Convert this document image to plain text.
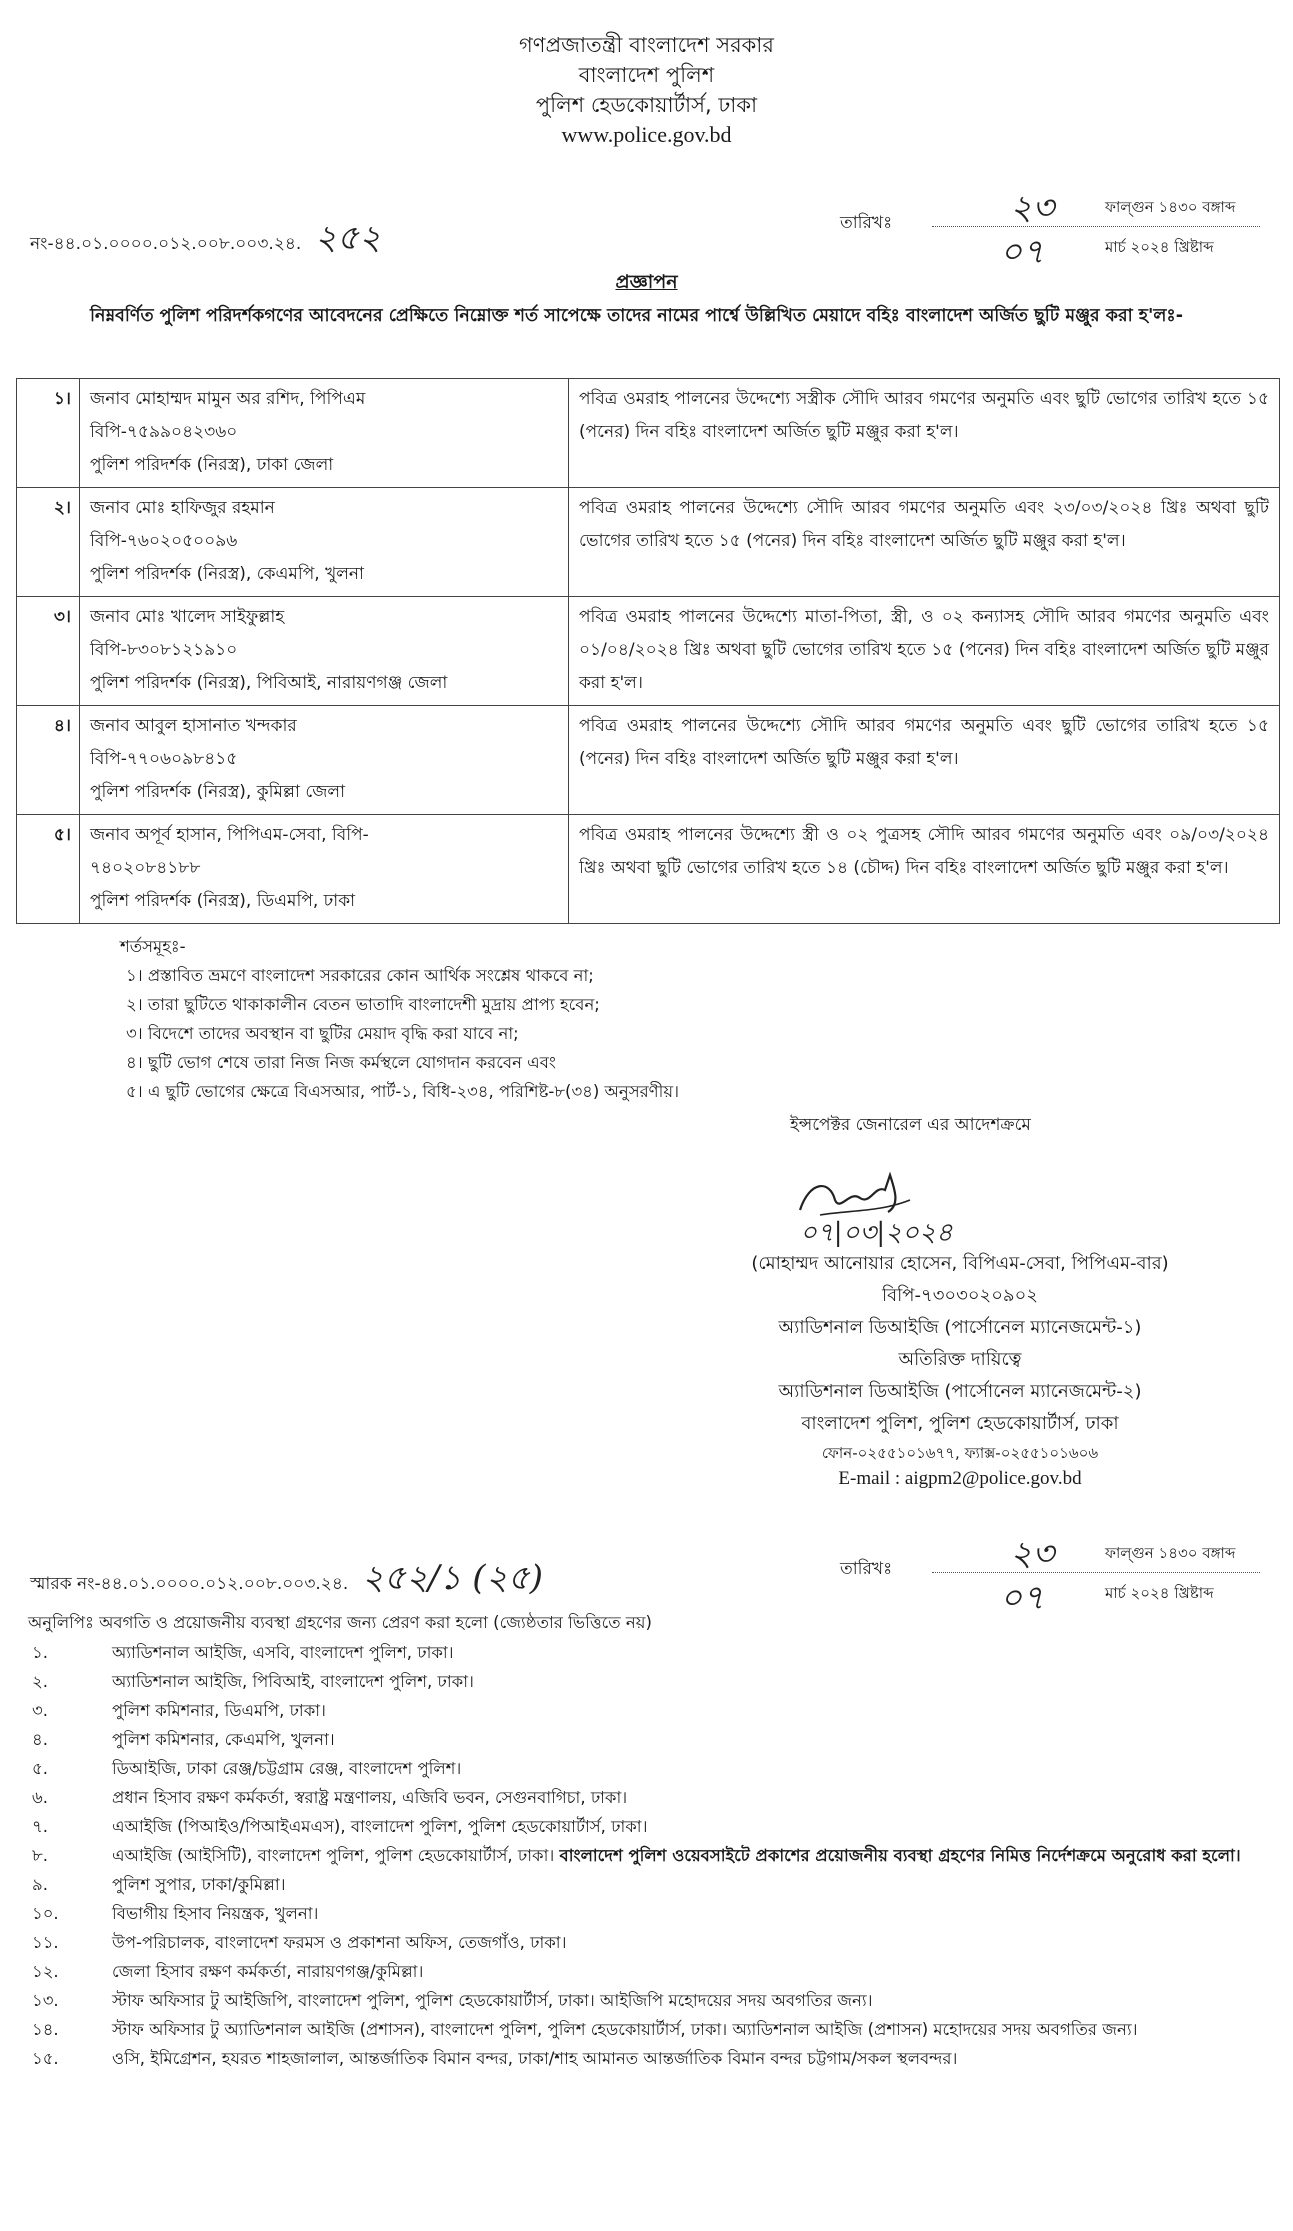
গণপ্রজাতন্ত্রী বাংলাদেশ সরকার
বাংলাদেশ পুলিশ
পুলিশ হেডকোয়ার্টার্স, ঢাকা
www.police.gov.bd
নং-৪৪.০১.০০০০.০১২.০০৮.০০৩.২৪. ২৫২	তারিখঃ	২৩	ফাল্গুন ১৪৩০ বঙ্গাব্দ
০৭	মার্চ ২০২৪ খ্রিষ্টাব্দ
প্রজ্ঞাপন
নিম্নবর্ণিত পুলিশ পরিদর্শকগণের আবেদনের প্রেক্ষিতে নিম্নোক্ত শর্ত সাপেক্ষে তাদের নামের পার্শ্বে উল্লিখিত মেয়াদে বহিঃ বাংলাদেশ অর্জিত ছুটি মঞ্জুর করা হ'লঃ-
১।	জনাব মোহাম্মদ মামুন অর রশিদ, পিপিএম
বিপি-৭৫৯৯০৪২৩৬০
পুলিশ পরিদর্শক (নিরস্ত্র), ঢাকা জেলা	পবিত্র ওমরাহ পালনের উদ্দেশ্যে সস্ত্রীক সৌদি আরব গমণের অনুমতি এবং ছুটি ভোগের তারিখ হতে ১৫ (পনের) দিন বহিঃ বাংলাদেশ অর্জিত ছুটি মঞ্জুর করা হ'ল।
২।	জনাব মোঃ হাফিজুর রহমান
বিপি-৭৬০২০৫০০৯৬
পুলিশ পরিদর্শক (নিরস্ত্র), কেএমপি, খুলনা	পবিত্র ওমরাহ পালনের উদ্দেশ্যে সৌদি আরব গমণের অনুমতি এবং ২৩/০৩/২০২৪ খ্রিঃ অথবা ছুটি ভোগের তারিখ হতে ১৫ (পনের) দিন বহিঃ বাংলাদেশ অর্জিত ছুটি মঞ্জুর করা হ'ল।
৩।	জনাব মোঃ খালেদ সাইফুল্লাহ
বিপি-৮৩০৮১২১৯১০
পুলিশ পরিদর্শক (নিরস্ত্র), পিবিআই, নারায়ণগঞ্জ জেলা	পবিত্র ওমরাহ পালনের উদ্দেশ্যে মাতা-পিতা, স্ত্রী, ও ০২ কন্যাসহ সৌদি আরব গমণের অনুমতি এবং ০১/০৪/২০২৪ খ্রিঃ অথবা ছুটি ভোগের তারিখ হতে ১৫ (পনের) দিন বহিঃ বাংলাদেশ অর্জিত ছুটি মঞ্জুর করা হ'ল।
৪।	জনাব আবুল হাসানাত খন্দকার
বিপি-৭৭০৬০৯৮৪১৫
পুলিশ পরিদর্শক (নিরস্ত্র), কুমিল্লা জেলা	পবিত্র ওমরাহ পালনের উদ্দেশ্যে সৌদি আরব গমণের অনুমতি এবং ছুটি ভোগের তারিখ হতে ১৫ (পনের) দিন বহিঃ বাংলাদেশ অর্জিত ছুটি মঞ্জুর করা হ'ল।
৫।	জনাব অপূর্ব হাসান, পিপিএম-সেবা, বিপি-
৭৪০২০৮৪১৮৮
পুলিশ পরিদর্শক (নিরস্ত্র), ডিএমপি, ঢাকা	পবিত্র ওমরাহ পালনের উদ্দেশ্যে স্ত্রী ও ০২ পুত্রসহ সৌদি আরব গমণের অনুমতি এবং ০৯/০৩/২০২৪ খ্রিঃ অথবা ছুটি ভোগের তারিখ হতে ১৪ (চৌদ্দ) দিন বহিঃ বাংলাদেশ অর্জিত ছুটি মঞ্জুর করা হ'ল।
শর্তসমূহঃ-
১। প্রস্তাবিত ভ্রমণে বাংলাদেশ সরকারের কোন আর্থিক সংশ্লেষ থাকবে না;
২। তারা ছুটিতে থাকাকালীন বেতন ভাতাদি বাংলাদেশী মুদ্রায় প্রাপ্য হবেন;
৩। বিদেশে তাদের অবস্থান বা ছুটির মেয়াদ বৃদ্ধি করা যাবে না;
৪। ছুটি ভোগ শেষে তারা নিজ নিজ কর্মস্থলে যোগদান করবেন এবং
৫। এ ছুটি ভোগের ক্ষেত্রে বিএসআর, পার্ট-১, বিধি-২৩৪, পরিশিষ্ট-৮(৩৪) অনুসরণীয়।
ইন্সপেক্টর জেনারেল এর আদেশক্রমে
০৭|০৩|২০২৪
(মোহাম্মদ আনোয়ার হোসেন, বিপিএম-সেবা, পিপিএম-বার)
বিপি-৭৩০৩০২০৯০২
অ্যাডিশনাল ডিআইজি (পার্সোনেল ম্যানেজমেন্ট-১)
অতিরিক্ত দায়িত্বে
অ্যাডিশনাল ডিআইজি (পার্সোনেল ম্যানেজমেন্ট-২)
বাংলাদেশ পুলিশ, পুলিশ হেডকোয়ার্টার্স, ঢাকা
ফোন-০২৫৫১০১৬৭৭, ফ্যাক্স-০২৫৫১০১৬০৬
E-mail : aigpm2@police.gov.bd
স্মারক নং-৪৪.০১.০০০০.০১২.০০৮.০০৩.২৪. ২৫২/১ (২৫)	তারিখঃ	২৩	ফাল্গুন ১৪৩০ বঙ্গাব্দ
০৭	মার্চ ২০২৪ খ্রিষ্টাব্দ
অনুলিপিঃ অবগতি ও প্রয়োজনীয় ব্যবস্থা গ্রহণের জন্য প্রেরণ করা হলো (জ্যেষ্ঠতার ভিত্তিতে নয়)
১.	অ্যাডিশনাল আইজি, এসবি, বাংলাদেশ পুলিশ, ঢাকা।
২.	অ্যাডিশনাল আইজি, পিবিআই, বাংলাদেশ পুলিশ, ঢাকা।
৩.	পুলিশ কমিশনার, ডিএমপি, ঢাকা।
৪.	পুলিশ কমিশনার, কেএমপি, খুলনা।
৫.	ডিআইজি, ঢাকা রেঞ্জ/চট্টগ্রাম রেঞ্জ, বাংলাদেশ পুলিশ।
৬.	প্রধান হিসাব রক্ষণ কর্মকর্তা, স্বরাষ্ট্র মন্ত্রণালয়, এজিবি ভবন, সেগুনবাগিচা, ঢাকা।
৭.	এআইজি (পিআইও/পিআইএমএস), বাংলাদেশ পুলিশ, পুলিশ হেডকোয়ার্টার্স, ঢাকা।
৮.	এআইজি (আইসিটি), বাংলাদেশ পুলিশ, পুলিশ হেডকোয়ার্টার্স, ঢাকা। বাংলাদেশ পুলিশ ওয়েবসাইটে প্রকাশের প্রয়োজনীয় ব্যবস্থা গ্রহণের নিমিত্ত নির্দেশক্রমে অনুরোধ করা হলো।
৯.	পুলিশ সুপার, ঢাকা/কুমিল্লা।
১০.	বিভাগীয় হিসাব নিয়ন্ত্রক, খুলনা।
১১.	উপ-পরিচালক, বাংলাদেশ ফরমস ও প্রকাশনা অফিস, তেজগাঁও, ঢাকা।
১২.	জেলা হিসাব রক্ষণ কর্মকর্তা, নারায়ণগঞ্জ/কুমিল্লা।
১৩.	স্টাফ অফিসার টু আইজিপি, বাংলাদেশ পুলিশ, পুলিশ হেডকোয়ার্টার্স, ঢাকা। আইজিপি মহোদয়ের সদয় অবগতির জন্য।
১৪.	স্টাফ অফিসার টু অ্যাডিশনাল আইজি (প্রশাসন), বাংলাদেশ পুলিশ, পুলিশ হেডকোয়ার্টার্স, ঢাকা। অ্যাডিশনাল আইজি (প্রশাসন) মহোদয়ের সদয় অবগতির জন্য।
১৫.	ওসি, ইমিগ্রেশন, হযরত শাহজালাল, আন্তর্জাতিক বিমান বন্দর, ঢাকা/শাহ আমানত আন্তর্জাতিক বিমান বন্দর চট্টগাম/সকল স্থলবন্দর।
